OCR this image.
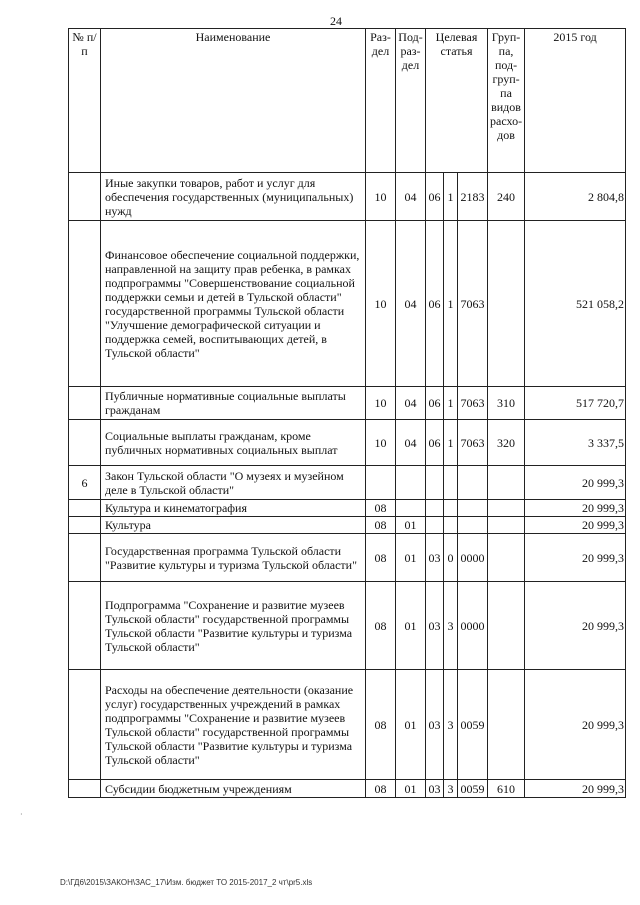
24
№ п/п	Наименование	Раз-дел	Под-раз-дел	Целевая статья			Груп-па, под-груп-па видов расхо-дов	2015 год
	Иные закупки товаров, работ и услуг для обеспечения государственных (муниципальных) нужд	10	04	06	1	2183	240	2 804,8
	Финансовое обеспечение социальной поддержки, направленной на защиту прав ребенка, в рамках подпрограммы "Совершенствование социальной поддержки семьи и детей в Тульской области" государственной программы Тульской области "Улучшение демографической ситуации и поддержка семей, воспитывающих детей, в Тульской области"	10	04	06	1	7063		521 058,2
	Публичные нормативные социальные выплаты гражданам	10	04	06	1	7063	310	517 720,7
	Социальные выплаты гражданам, кроме публичных нормативных социальных выплат	10	04	06	1	7063	320	3 337,5
6	Закон Тульской области "О музеях и музейном деле в Тульской области"							20 999,3
	Культура и кинематография	08						20 999,3
	Культура	08	01					20 999,3
	Государственная программа Тульской области "Развитие культуры и туризма Тульской области"	08	01	03	0	0000		20 999,3
	Подпрограмма "Сохранение и развитие музеев Тульской области" государственной программы Тульской области "Развитие культуры и туризма Тульской области"	08	01	03	3	0000		20 999,3
	Расходы на обеспечение деятельности (оказание услуг) государственных учреждений в рамках подпрограммы "Сохранение и развитие музеев Тульской области" государственной программы Тульской области "Развитие культуры и туризма Тульской области"	08	01	03	3	0059		20 999,3
	Субсидии бюджетным учреждениям	08	01	03	3	0059	610	20 999,3
·
D:\ГД6\2015\ЗАКОН\ЗАС_17\Изм. бюджет ТО 2015-2017_2 чт\pr5.xls
